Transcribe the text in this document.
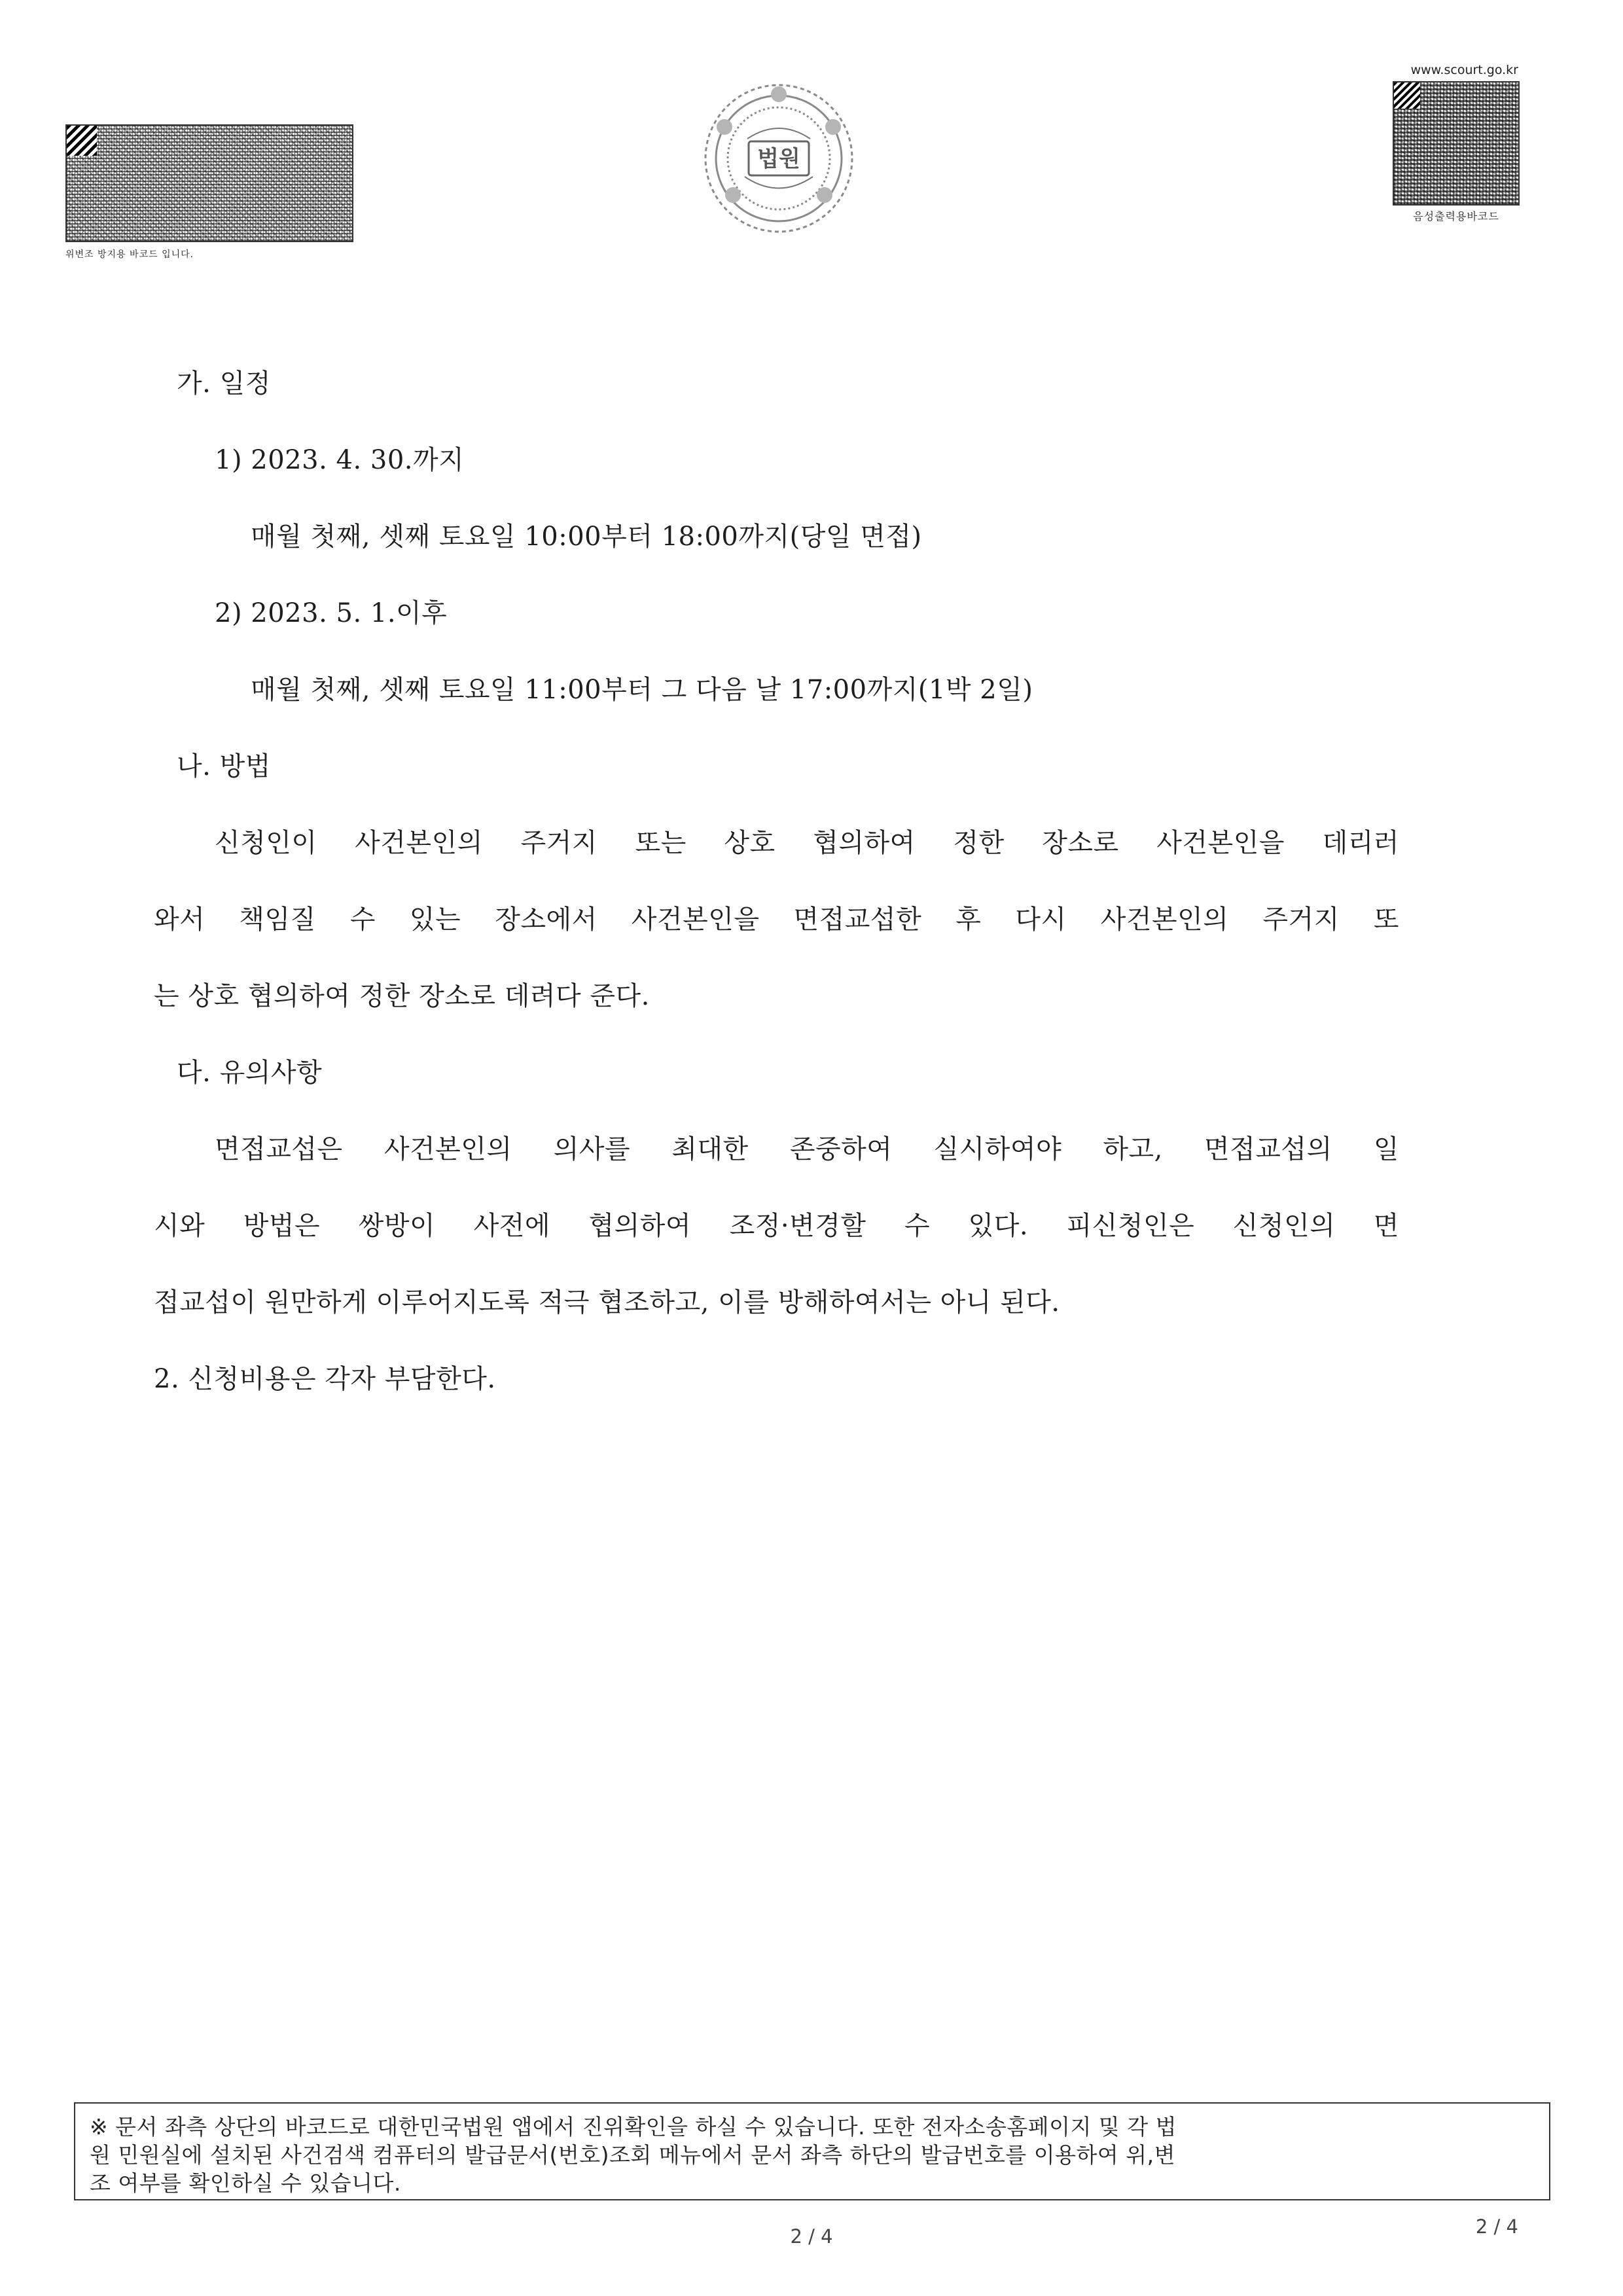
위변조 방지용 바코드 입니다.
법원
www.scourt.go.kr
음성출력용바코드
가. 일정
1) 2023. 4. 30.까지
매월 첫째, 셋째 토요일 10:00부터 18:00까지(당일 면접)
2) 2023. 5. 1.이후
매월 첫째, 셋째 토요일 11:00부터 그 다음 날 17:00까지(1박 2일)
나. 방법
신청인이 사건본인의 주거지 또는 상호 협의하여 정한 장소로 사건본인을 데리러
와서 책임질 수 있는 장소에서 사건본인을 면접교섭한 후 다시 사건본인의 주거지 또
는 상호 협의하여 정한 장소로 데려다 준다.
다. 유의사항
면접교섭은 사건본인의 의사를 최대한 존중하여 실시하여야 하고, 면접교섭의 일
시와 방법은 쌍방이 사전에 협의하여 조정·변경할 수 있다. 피신청인은 신청인의 면
접교섭이 원만하게 이루어지도록 적극 협조하고, 이를 방해하여서는 아니 된다.
2. 신청비용은 각자 부담한다.
※ 문서 좌측 상단의 바코드로 대한민국법원 앱에서 진위확인을 하실 수 있습니다. 또한 전자소송홈페이지 및 각 법
원 민원실에 설치된 사건검색 컴퓨터의 발급문서(번호)조회 메뉴에서 문서 좌측 하단의 발급번호를 이용하여 위,변
조 여부를 확인하실 수 있습니다.
2 / 4	2 / 4
